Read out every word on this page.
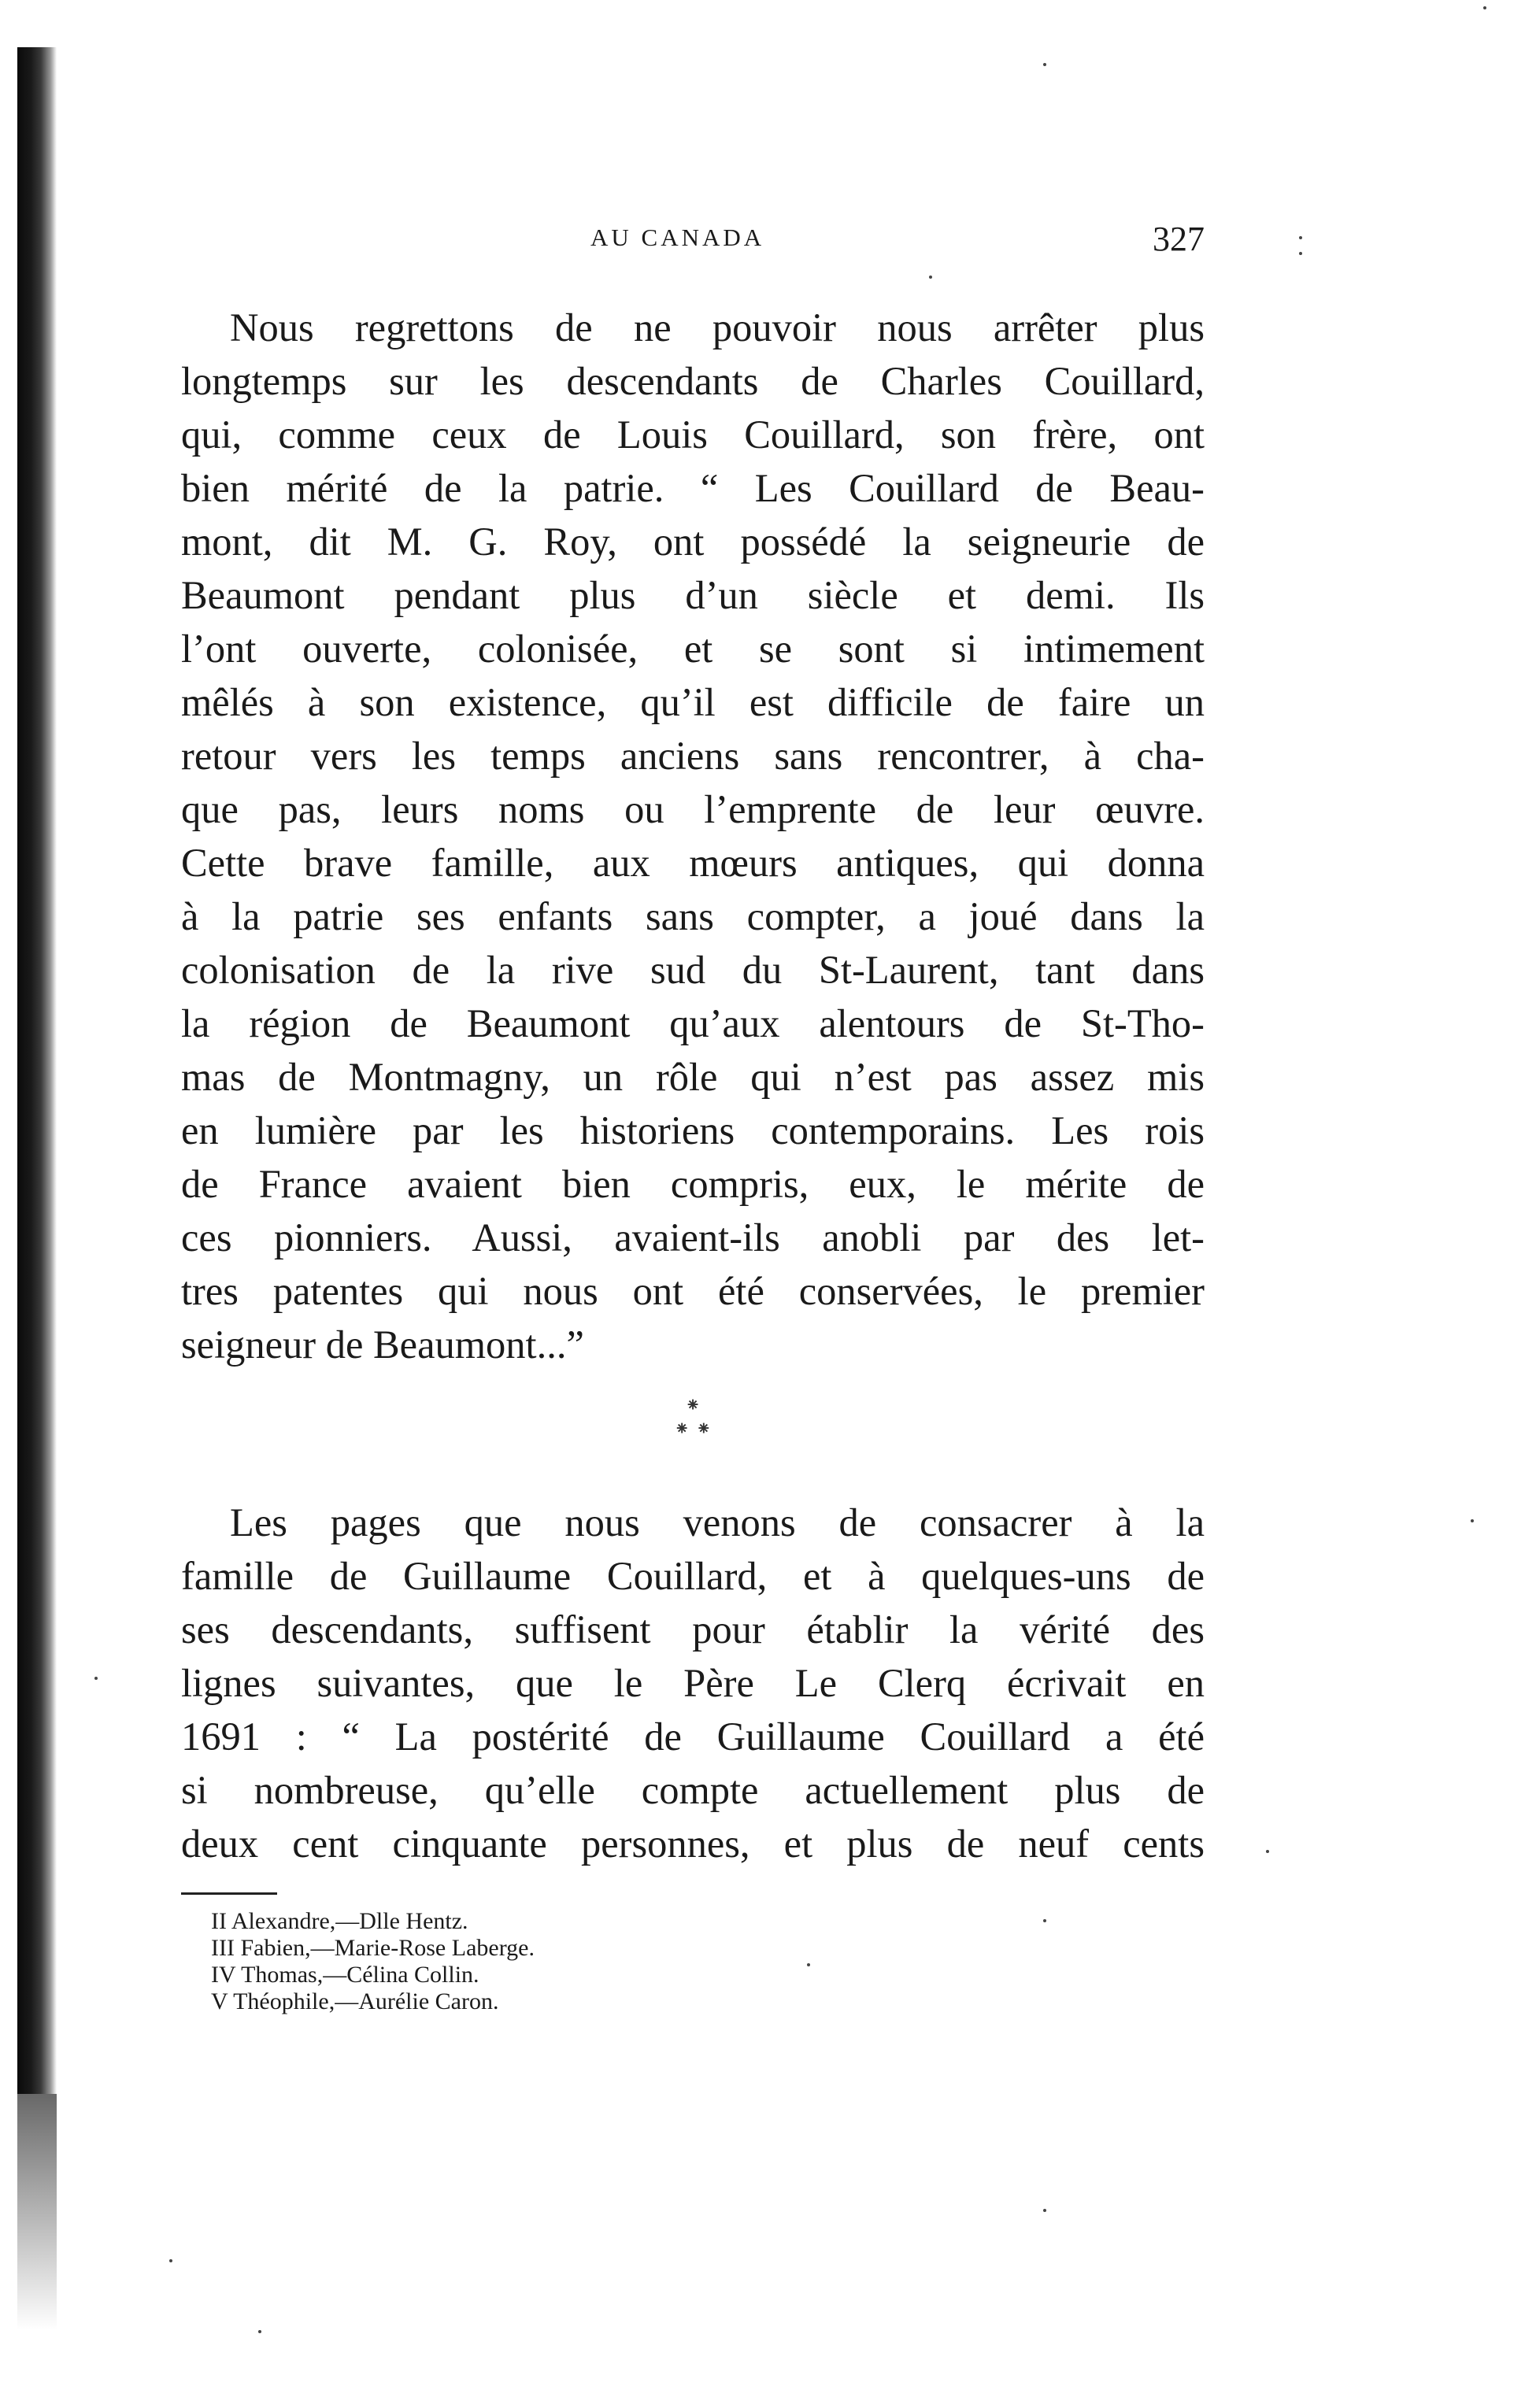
AU CANADA	327

Nous regrettons de ne pouvoir nous arrêter plus
longtemps sur les descendants de Charles Couillard,
qui, comme ceux de Louis Couillard, son frère, ont
bien mérité de la patrie. “ Les Couillard de Beau-
mont, dit M. G. Roy, ont possédé la seigneurie de
Beaumont pendant plus d’un siècle et demi. Ils
l’ont ouverte, colonisée, et se sont si intimement
mêlés à son existence, qu’il est difficile de faire un
retour vers les temps anciens sans rencontrer, à cha-
que pas, leurs noms ou l’emprente de leur œuvre.
Cette brave famille, aux mœurs antiques, qui donna
à la patrie ses enfants sans compter, a joué dans la
colonisation de la rive sud du St-Laurent, tant dans
la région de Beaumont qu’aux alentours de St-Tho-
mas de Montmagny, un rôle qui n’est pas assez mis
en lumière par les historiens contemporains. Les rois
de France avaient bien compris, eux, le mérite de
ces pionniers. Aussi, avaient-ils anobli par des let-
tres patentes qui nous ont été conservées, le premier
seigneur de Beaumont...”

⁕
⁕ ⁕

Les pages que nous venons de consacrer à la
famille de Guillaume Couillard, et à quelques-uns de
ses descendants, suffisent pour établir la vérité des
lignes suivantes, que le Père Le Clerq écrivait en
1691 : “ La postérité de Guillaume Couillard a été
si nombreuse, qu’elle compte actuellement plus de
deux cent cinquante personnes, et plus de neuf cents

II Alexandre,—Dlle Hentz.
III Fabien,—Marie-Rose Laberge.
IV Thomas,—Célina Collin.
V Théophile,—Aurélie Caron.
